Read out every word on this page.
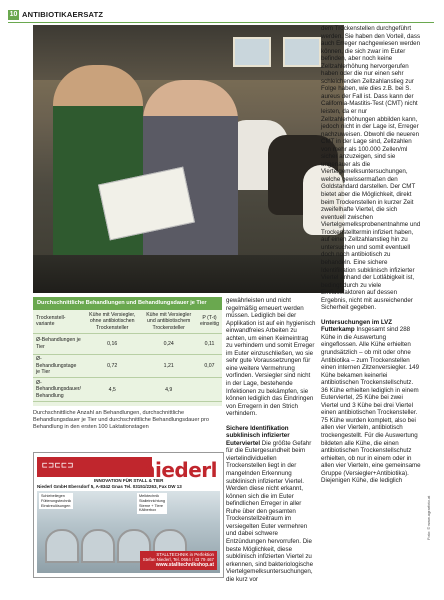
10 ANTIBIOTIKAERSATZ
Durchschnittliche Behandlungen und Behandlungsdauer je Tier
Trockenstell-variante	Kühe mit Versiegler, ohne antibiotischen Trockensteller	Kühe mit Versiegler und antibiotischem Trockensteller	P (T-t) einseitig
Ø-Behandlungen je Tier	0,16	0,24	0,11
Ø-Behandlungstage je Tier	0,72	1,21	0,07
Ø-Behandlungsdauer/ Behandlung	4,5	4,9	
Durchschnittliche Anzahl an Behandlungen, durchschnittliche Behandlungsdauer je Tier und durchschnittliche Behandlungsdauer pro Behandlung in den ersten 100 Laktationstagen
⊏⊐⊏⊏⊐	niederl
INNOVATION FÜR STALL & TIER
Niederl GmbH Ebersdorf 5, A-8342 Gnas Tel. 03151/2263, Fax DW 13
Schiebeliegen
Fütterungstechnik
Einstreulösungen
Melktechnik
Stalleinrichtung
Sterne + Tiere
Kälberbox
STALLTECHNIK in Perfektion
Stefan Niederl, Tel. 0664 / 43 79 467
www.stalltechnikshop.at

gewährleisten und nicht regelmäßig erneuert werden müssen. Lediglich bei der Applikation ist auf ein hygienisch einwandfreies Arbeiten zu achten, um einen Keimeintrag zu verhindern und somit Erreger im Euter einzuschließen, wo sie sehr gute Voraussetzungen für eine weitere Vermehrung vorfinden. Versiegler sind nicht in der Lage, bestehende Infektionen zu bekämpfen, sie können lediglich das Eindringen von Erregern in den Strich verhindern.

Sichere Identifikation subklinisch infizierter Euterviertel Die größte Gefahr für die Eutergesundheit beim viertelindividuellen Trockenstellen liegt in der mangelnden Erkennung subklinisch infizierter Viertel. Werden diese nicht erkannt, können sich die im Euter befindlichen Erreger in aller Ruhe über den gesamten Trockenstellzeitraum im versiegelten Euter vermehren und dabei schwere Entzündungen hervorrufen. Die beste Möglichkeit, diese subklinisch infizierten Viertel zu erkennen, sind bakteriologische Viertelgemelksuntersuchungen, die kurz vor

dem Trockenstellen durchgeführt werden. Sie haben den Vorteil, dass auch Erreger nachgewiesen werden können, die sich zwar im Euter befinden, aber noch keine Zellzahlerhöhung hervorgerufen haben oder die nur einen sehr schleichenden Zellzahlanstieg zur Folge haben, wie dies z.B. bei S. aureus der Fall ist. Dass kann der California-Mastitis-Test (CMT) nicht leisten, da er nur Zellzahlerhöhungen abbilden kann, jedoch nicht in der Lage ist, Erreger nachzuweisen. Obwohl die neueren CMT in der Lage sind, Zellzahlen von mehr als 100.000 Zellen/ml sicher anzuzeigen, sind sie ungenauer als die Viertelgemelksuntersuchungen, welche gewissermaßen den Goldstandard darstellen. Der CMT bietet aber die Möglichkeit, direkt beim Trockenstellen in kurzer Zeit zweifelhafte Viertel, die sich eventuell zwischen Viertelgemelksprobenentnahme und Trockenstelltermin infiziert haben, auf einen Zellzahlanstieg hin zu untersuchen und somit eventuell doch noch antibiotisch zu behandeln. Eine sichere Identifikation subklinisch infizierter Viertel anhand der Lotläbigkeit ist, bedingt durch zu viele Einflussfaktoren auf dessen Ergebnis, nicht mit ausreichender Sicherheit gegeben.

Untersuchungen im LVZ Futterkamp Insgesamt sind 288 Kühe in die Auswertung eingeflossen. Alle Kühe erhielten grundsätzlich – ob mit oder ohne Antibiotika – zum Trockenstellen einen internen Zitzenversiegler. 149 Kühe bekamen keinerlei antibiotischen Trockenstellschutz. 36 Kühe erhielten lediglich in einem Euterviertel, 25 Kühe bei zwei Viertel und 3 Kühe bei drei Viertel einen antibiotischen Trockensteller. 75 Kühe wurden komplett, also bei allen vier Vierteln, antibiotisch trockengestellt. Für die Auswertung bildeten alle Kühe, die einen antibiotischen Trockenstellschutz erhielten, ob nur in einem oder in allen vier Vierteln, eine gemeinsame Gruppe (Versiegler+Antibiotika). Diejenigen Kühe, die lediglich

Foto: © www.agrarfoto.at
